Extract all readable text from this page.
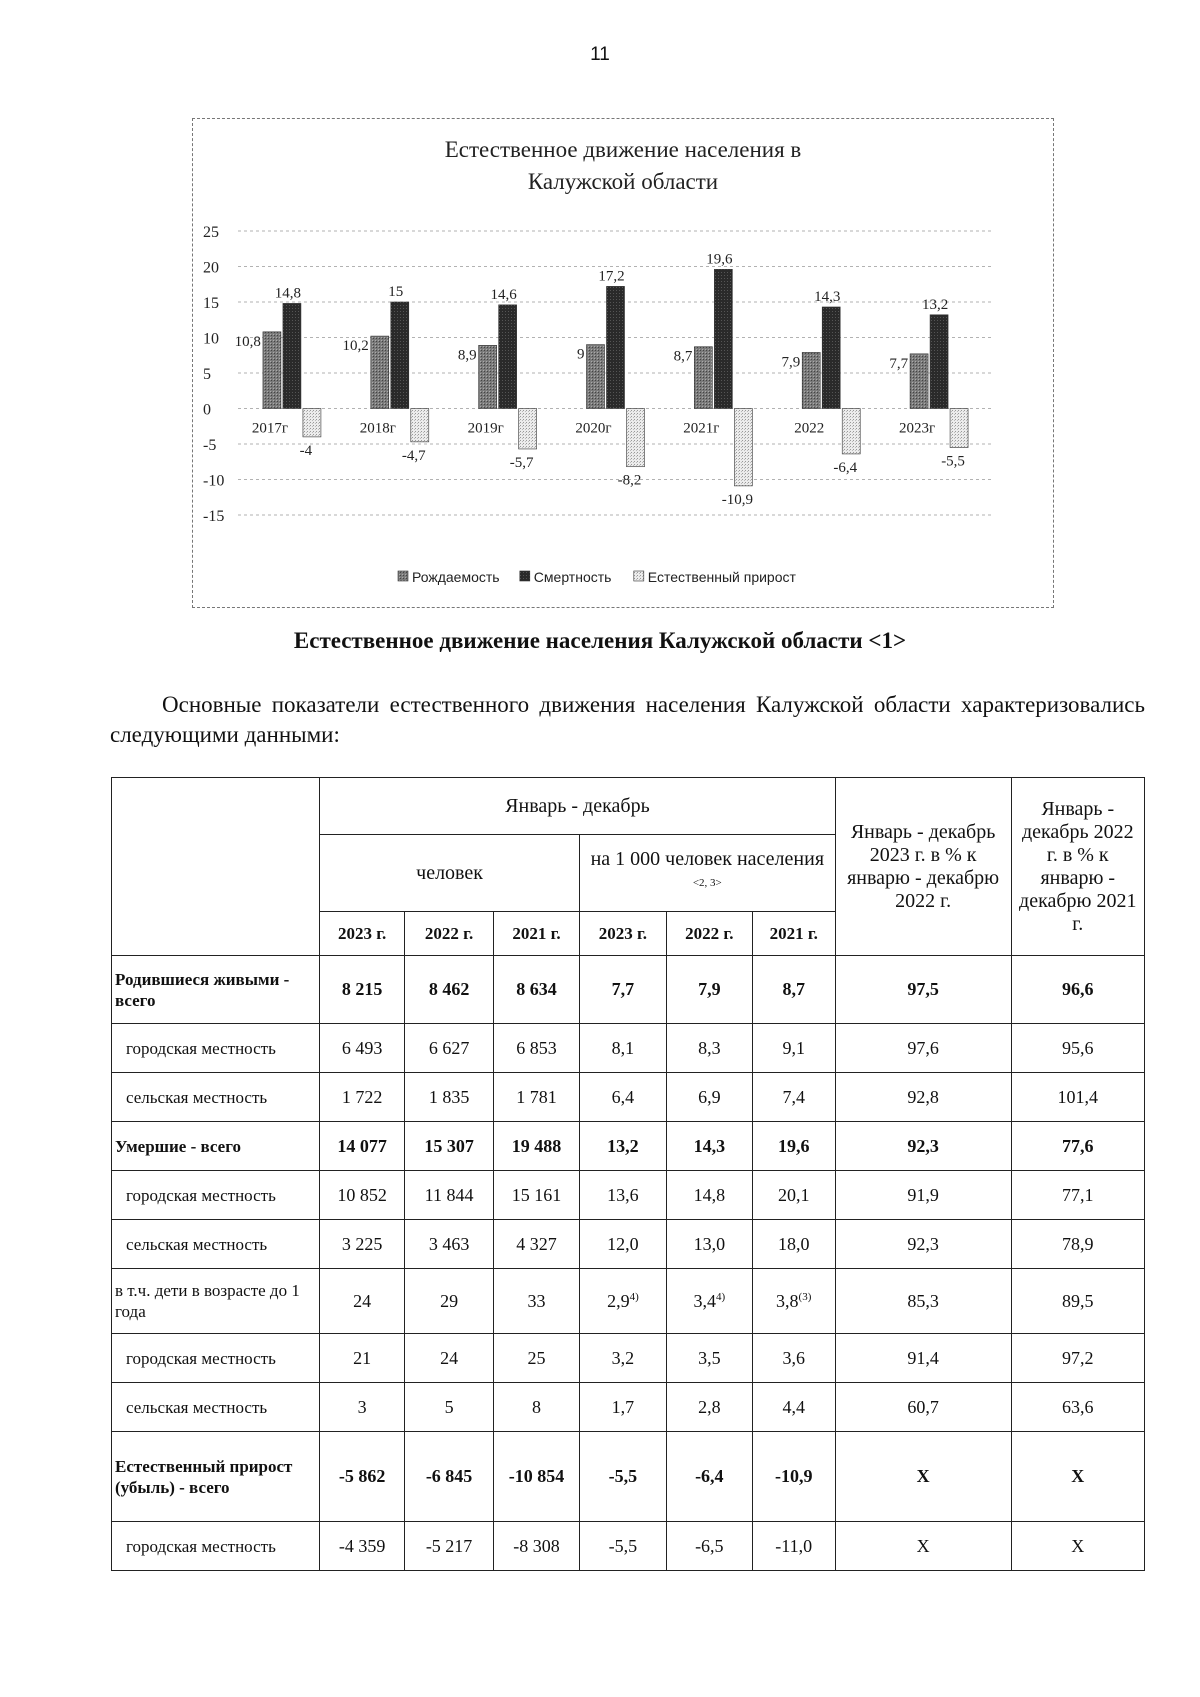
11
Естественное движение населения в
Калужской области
25
20
15
10
5
0
-5
-10
-15
10,8
14,8
-4
2017г
10,2
15
-4,7
2018г
8,9
14,6
-5,7
2019г
9
17,2
-8,2
2020г
8,7
19,6
-10,9
2021г
7,9
14,3
-6,4
2022
7,7
13,2
-5,5
2023г
Рождаемость Смертность	Естественный прирост
Естественное движение населения Калужской области <1>
Основные показатели естественного движения населения Калужской области характеризовались следующими данными:
	Январь - декабрь						Январь - декабрь 2023 г. в % к январю - декабрю 2022 г.	Январь - декабрь 2022 г. в % к январю - декабрю 2021 г.
	человек			на 1 000 человек населения $^{<2, 3>}$
	2023 г.	2022 г.	2021 г.	2023 г.	2022 г.	2021 г.		
Родившиеся живыми - всего	8 215	8 462	8 634	7,7	7,9	8,7	97,5	96,6
городская местность	6 493	6 627	6 853	8,1	8,3	9,1	97,6	95,6
сельская местность	1 722	1 835	1 781	6,4	6,9	7,4	92,8	101,4
Умершие - всего	14 077	15 307	19 488	13,2	14,3	19,6	92,3	77,6
городская местность	10 852	11 844	15 161	13,6	14,8	20,1	91,9	77,1
сельская местность	3 225	3 463	4 327	12,0	13,0	18,0	92,3	78,9
в т.ч. дети в возрасте до 1 года	24	29	33	2,9$^{4)}$	3,4$^{4)}$	3,8$^{(3)}$	85,3	89,5
городская местность	21	24	25	3,2	3,5	3,6	91,4	97,2
сельская местность	3	5	8	1,7	2,8	4,4	60,7	63,6
Естественный прирост (убыль) - всего	-5 862	-6 845	-10 854	-5,5	-6,4	-10,9	X	X
городская местность	-4 359	-5 217	-8 308	-5,5	-6,5	-11,0	X	X
